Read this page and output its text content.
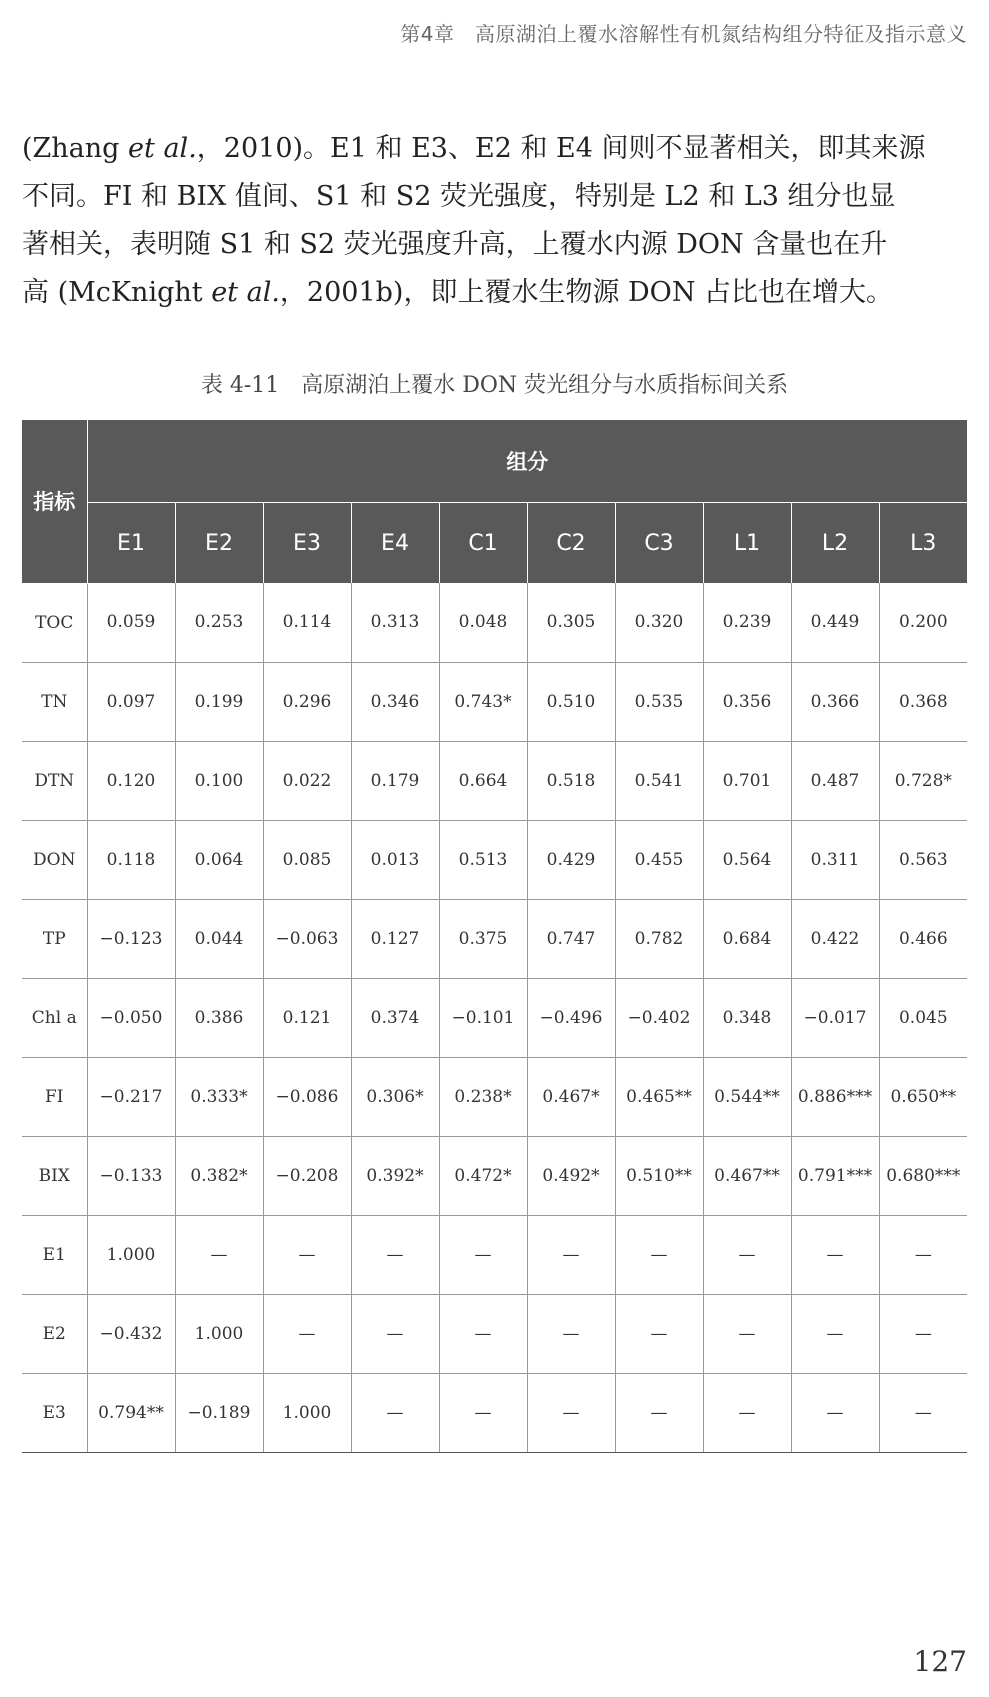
第4章　高原湖泊上覆水溶解性有机氮结构组分特征及指示意义

(Zhang et al.，2010)。E1 和 E3、E2 和 E4 间则不显著相关，即其来源

不同。FI 和 BIX 值间、S1 和 S2 荧光强度，特别是 L2 和 L3 组分也显

著相关，表明随 S1 和 S2 荧光强度升高，上覆水内源 DON 含量也在升

高 (McKnight et al.，2001b)，即上覆水生物源 DON 占比也在增大。

表 4-11　高原湖泊上覆水 DON 荧光组分与水质指标间关系
指标	组分									
	E1	E2	E3	E4	C1	C2	C3	L1	L2	L3
TOC	0.059	0.253	0.114	0.313	0.048	0.305	0.320	0.239	0.449	0.200
TN	0.097	0.199	0.296	0.346	0.743*	0.510	0.535	0.356	0.366	0.368
DTN	0.120	0.100	0.022	0.179	0.664	0.518	0.541	0.701	0.487	0.728*
DON	0.118	0.064	0.085	0.013	0.513	0.429	0.455	0.564	0.311	0.563
TP	−0.123	0.044	−0.063	0.127	0.375	0.747	0.782	0.684	0.422	0.466
Chl a	−0.050	0.386	0.121	0.374	−0.101	−0.496	−0.402	0.348	−0.017	0.045
FI	−0.217	0.333*	−0.086	0.306*	0.238*	0.467*	0.465**	0.544**	0.886***	0.650**
BIX	−0.133	0.382*	−0.208	0.392*	0.472*	0.492*	0.510**	0.467**	0.791***	0.680***
E1	1.000	—	—	—	—	—	—	—	—	—
E2	−0.432	1.000	—	—	—	—	—	—	—	—
E3	0.794**	−0.189	1.000	—	—	—	—	—	—	—
127
